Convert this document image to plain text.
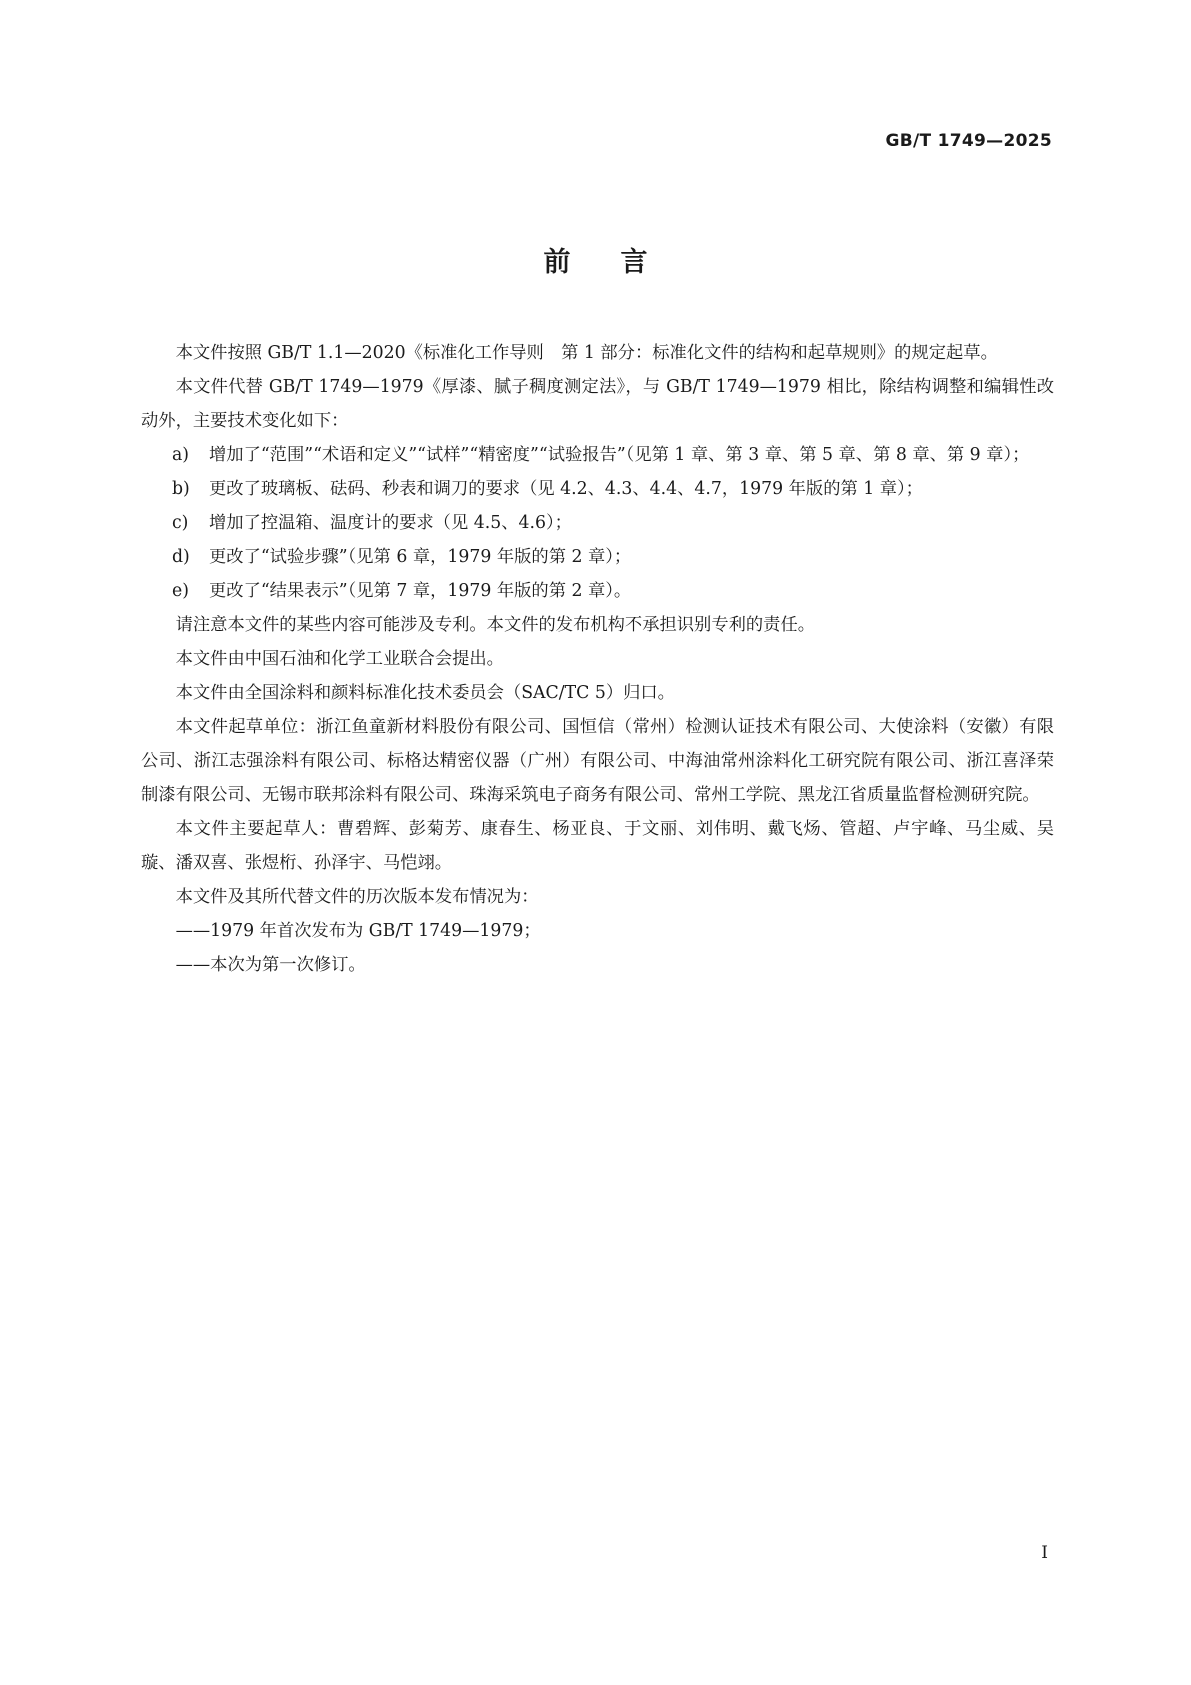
GB/T 1749—2025
前言

本文件按照 GB/T 1.1—2020《标准化工作导则　第 1 部分：标准化文件的结构和起草规则》的规定起草。

本文件代替 GB/T 1749—1979《厚漆、腻子稠度测定法》，与 GB/T 1749—1979 相比，除结构调整和编辑性改动外，主要技术变化如下：

a) 增加了“范围”“术语和定义”“试样”“精密度”“试验报告”（见第 1 章、第 3 章、第 5 章、第 8 章、第 9 章）；

b) 更改了玻璃板、砝码、秒表和调刀的要求（见 4.2、4.3、4.4、4.7，1979 年版的第 1 章）；

c) 增加了控温箱、温度计的要求（见 4.5、4.6）；

d) 更改了“试验步骤”（见第 6 章，1979 年版的第 2 章）；

e) 更改了“结果表示”（见第 7 章，1979 年版的第 2 章）。

请注意本文件的某些内容可能涉及专利。本文件的发布机构不承担识别专利的责任。

本文件由中国石油和化学工业联合会提出。

本文件由全国涂料和颜料标准化技术委员会（SAC/TC 5）归口。

本文件起草单位：浙江鱼童新材料股份有限公司、国恒信（常州）检测认证技术有限公司、大使涂料（安徽）有限公司、浙江志强涂料有限公司、标格达精密仪器（广州）有限公司、中海油常州涂料化工研究院有限公司、浙江喜泽荣制漆有限公司、无锡市联邦涂料有限公司、珠海采筑电子商务有限公司、常州工学院、黑龙江省质量监督检测研究院。

本文件主要起草人：曹碧辉、彭菊芳、康春生、杨亚良、于文丽、刘伟明、戴飞炀、管超、卢宇峰、马尘威、吴璇、潘双喜、张煜桁、孙泽宇、马恺翊。

本文件及其所代替文件的历次版本发布情况为：

——1979 年首次发布为 GB/T 1749—1979；

——本次为第一次修订。

Ⅰ
